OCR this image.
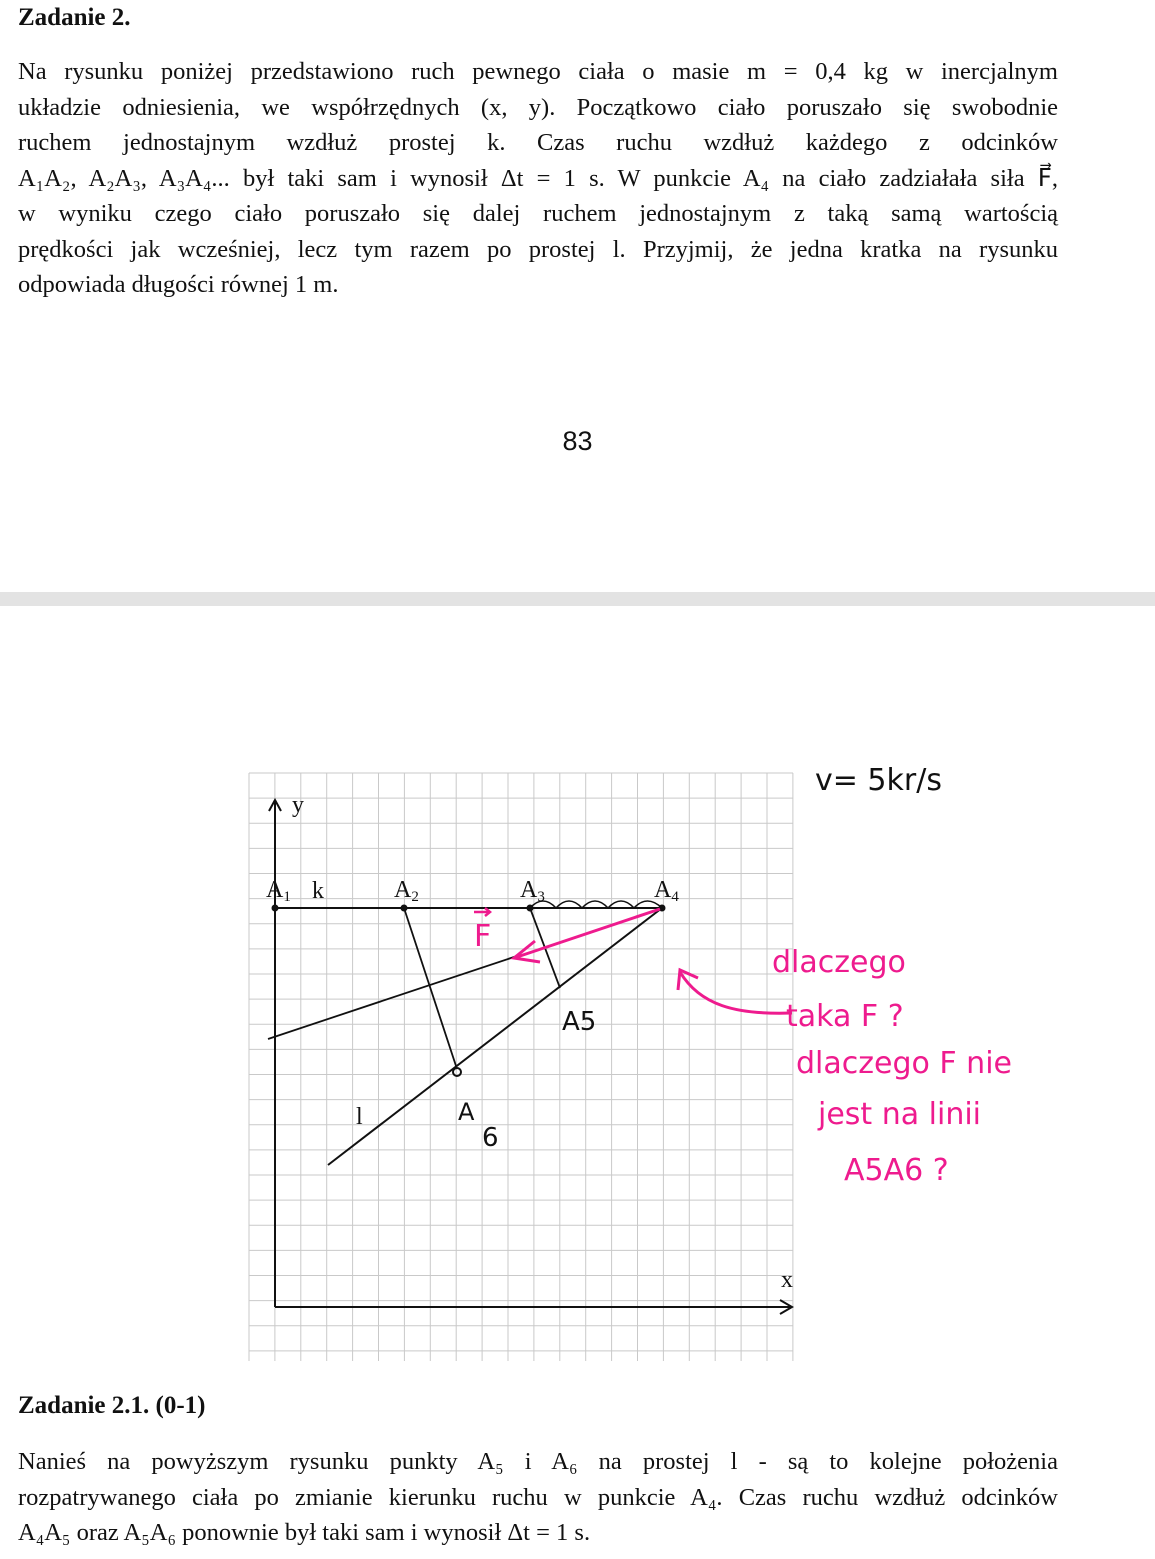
Zadanie 2.

Na rysunku poniżej przedstawiono ruch pewnego ciała o masie m = 0,4 kg w inercjalnym
układzie odniesienia, we współrzędnych (x, y). Początkowo ciało poruszało się swobodnie
ruchem jednostajnym wzdłuż prostej k. Czas ruchu wzdłuż każdego z odcinków
A₁A₂, A₂A₃, A₃A₄... był taki sam i wynosił Δt = 1 s. W punkcie A₄ na ciało zadziałała siła F⃗,
w wyniku czego ciało poruszało się dalej ruchem jednostajnym z taką samą wartością
prędkości jak wcześniej, lecz tym razem po prostej l. Przyjmij, że jedna kratka na rysunku
odpowiada długości równej 1 m.

83
y
x
k
l
A1	A2	A3	A4
A5
A
6
F
v= 5kr/s
dlaczego
taka F ?
dlaczego F nie
jest na linii
A5A6 ?
Zadanie 2.1. (0-1)

Nanieś na powyższym rysunku punkty A₅ i A₆ na prostej l - są to kolejne położenia
rozpatrywanego ciała po zmianie kierunku ruchu w punkcie A₄. Czas ruchu wzdłuż odcinków
A₄A₅ oraz A₅A₆ ponownie był taki sam i wynosił Δt = 1 s.
